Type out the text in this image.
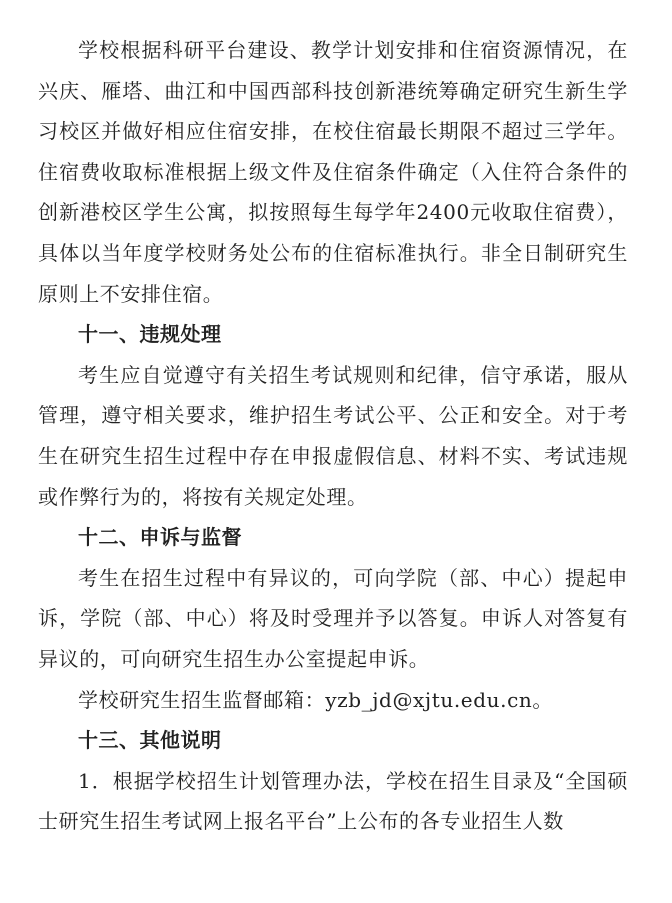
学校根据科研平台建设、教学计划安排和住宿资源情况，在兴庆、雁塔、曲江和中国西部科技创新港统筹确定研究生新生学习校区并做好相应住宿安排，在校住宿最长期限不超过三学年。住宿费收取标准根据上级文件及住宿条件确定（入住符合条件的创新港校区学生公寓，拟按照每生每学年2400元收取住宿费），具体以当年度学校财务处公布的住宿标准执行。非全日制研究生原则上不安排住宿。

十一、违规处理

考生应自觉遵守有关招生考试规则和纪律，信守承诺，服从管理，遵守相关要求，维护招生考试公平、公正和安全。对于考生在研究生招生过程中存在申报虚假信息、材料不实、考试违规或作弊行为的，将按有关规定处理。

十二、申诉与监督

考生在招生过程中有异议的，可向学院（部、中心）提起申诉，学院（部、中心）将及时受理并予以答复。申诉人对答复有异议的，可向研究生招生办公室提起申诉。

学校研究生招生监督邮箱：yzb_jd@xjtu.edu.cn。

十三、其他说明

1．根据学校招生计划管理办法，学校在招生目录及“全国硕士研究生招生考试网上报名平台”上公布的各专业招生人数
